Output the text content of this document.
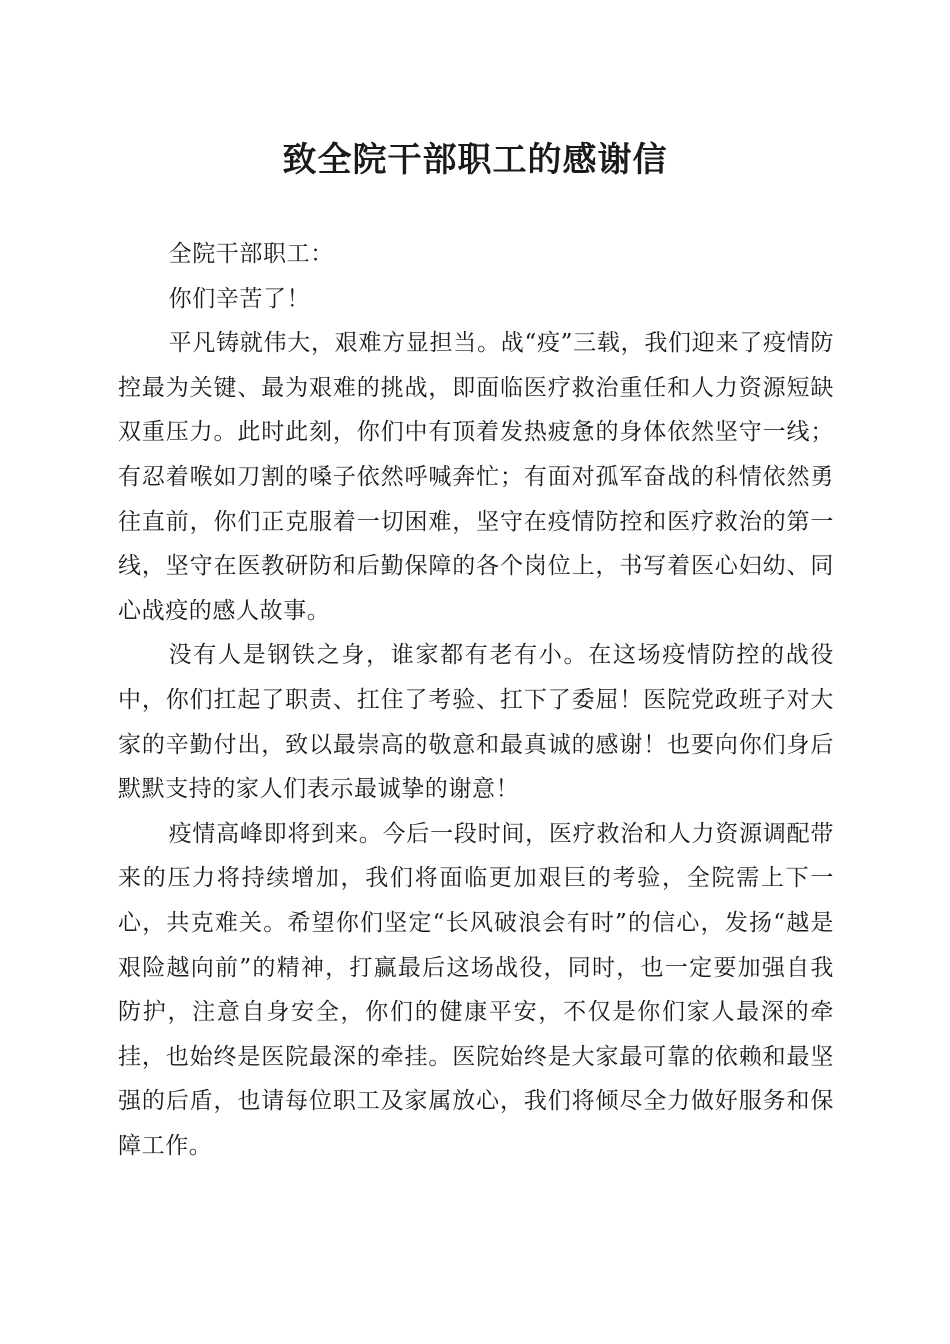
致全院干部职工的感谢信

全院干部职工：

你们辛苦了！

平凡铸就伟大，艰难方显担当。战“疫”三载，我们迎来了疫情防控最为关键、最为艰难的挑战，即面临医疗救治重任和人力资源短缺双重压力。此时此刻，你们中有顶着发热疲惫的身体依然坚守一线；有忍着喉如刀割的嗓子依然呼喊奔忙；有面对孤军奋战的科情依然勇往直前，你们正克服着一切困难，坚守在疫情防控和医疗救治的第一线，坚守在医教研防和后勤保障的各个岗位上，书写着医心妇幼、同心战疫的感人故事。

没有人是钢铁之身，谁家都有老有小。在这场疫情防控的战役中，你们扛起了职责、扛住了考验、扛下了委屈！医院党政班子对大家的辛勤付出，致以最崇高的敬意和最真诚的感谢！也要向你们身后默默支持的家人们表示最诚挚的谢意！

疫情高峰即将到来。今后一段时间，医疗救治和人力资源调配带来的压力将持续增加，我们将面临更加艰巨的考验，全院需上下一心，共克难关。希望你们坚定“长风破浪会有时”的信心，发扬“越是艰险越向前”的精神，打赢最后这场战役，同时，也一定要加强自我防护，注意自身安全，你们的健康平安，不仅是你们家人最深的牵挂，也始终是医院最深的牵挂。医院始终是大家最可靠的依赖和最坚强的后盾，也请每位职工及家属放心，我们将倾尽全力做好服务和保障工作。
